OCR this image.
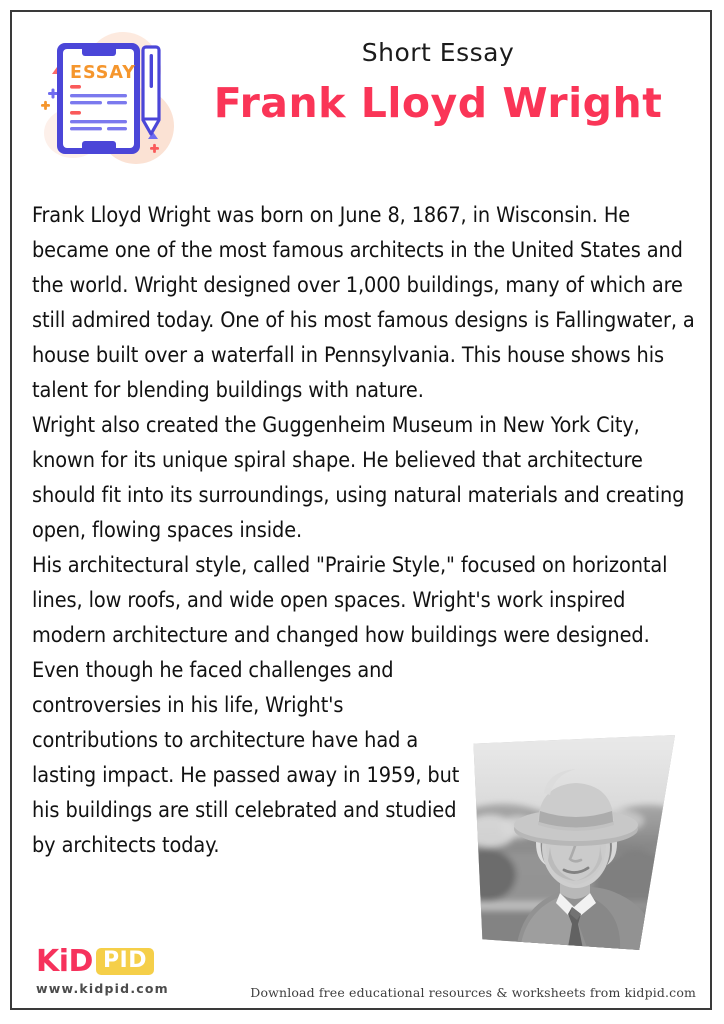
ESSAY
Short Essay
Frank Lloyd Wright

Frank Lloyd Wright was born on June 8, 1867, in Wisconsin. He became one of the most famous architects in the United States and the world. Wright designed over 1,000 buildings, many of which are still admired today. One of his most famous designs is Fallingwater, a house built over a waterfall in Pennsylvania. This house shows his talent for blending buildings with nature.

Wright also created the Guggenheim Museum in New York City, known for its unique spiral shape. He believed that architecture should fit into its surroundings, using natural materials and creating open, flowing spaces inside.

His architectural style, called "Prairie Style," focused on horizontal lines, low roofs, and wide open spaces. Wright's work inspired modern architecture and changed how buildings were designed.

Even though he faced challenges and controversies in his life, Wright's contributions to architecture have had a lasting impact. He passed away in 1959, but his buildings are still celebrated and studied by architects today.

KiD PID
www.kidpid.com	Download free educational resources & worksheets from kidpid.com
